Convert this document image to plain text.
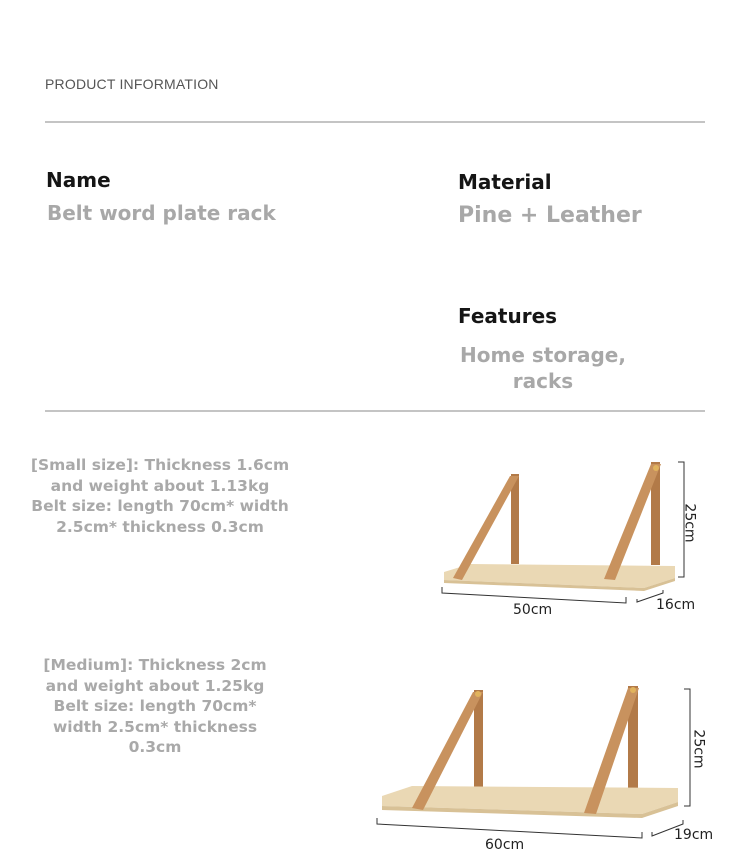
PRODUCT INFORMATION
Name
Belt word plate rack
Material
Pine + Leather
Features
Home storage,
racks
[Small size]: Thickness 1.6cm
and weight about 1.13kg
Belt size: length 70cm* width
2.5cm* thickness 0.3cm
50cm	16cm
25cm
[Medium]: Thickness 2cm
and weight about 1.25kg
Belt size: length 70cm*
width 2.5cm* thickness
0.3cm
60cm
19cm
25cm
